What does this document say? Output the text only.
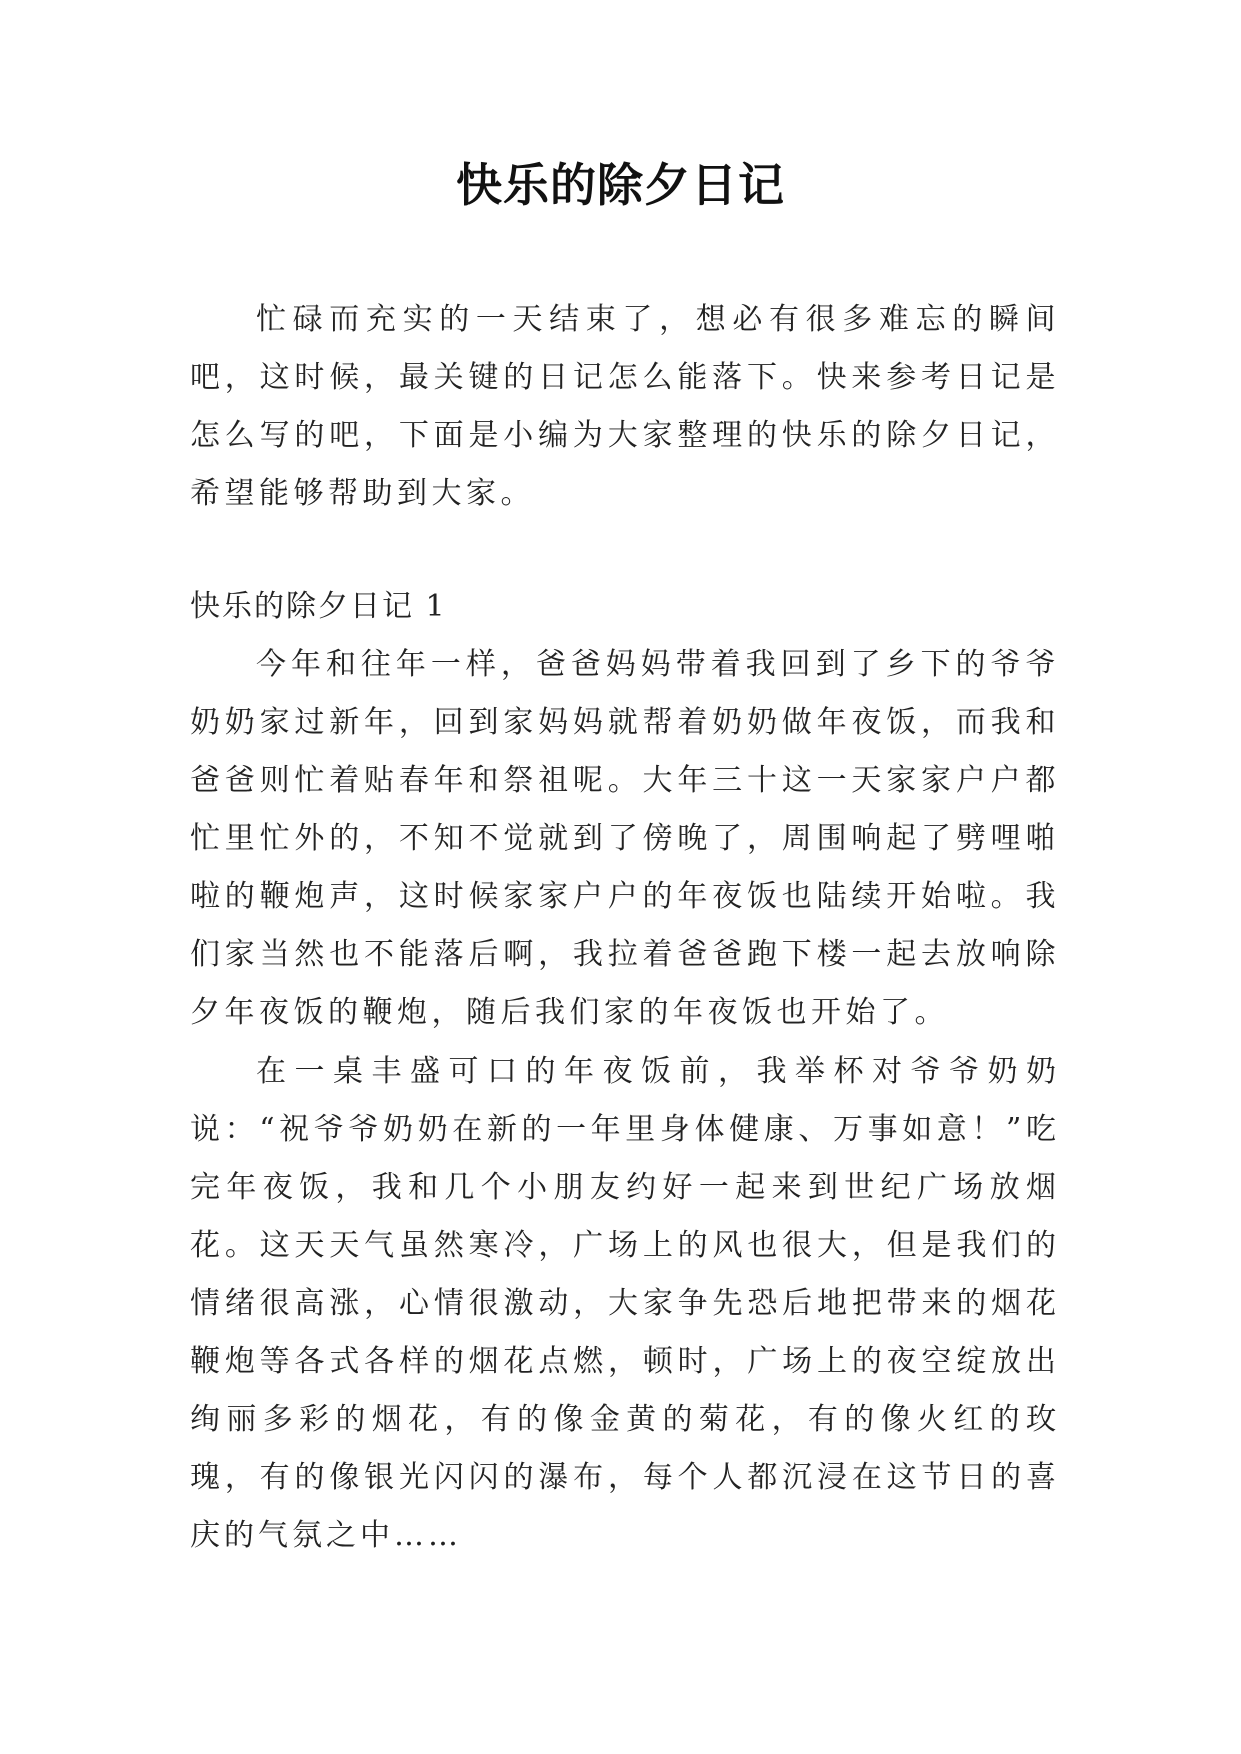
快乐的除夕日记

忙碌而充实的一天结束了，想必有很多难忘的瞬间吧，这时候，最关键的日记怎么能落下。快来参考日记是怎么写的吧，下面是小编为大家整理的快乐的除夕日记，希望能够帮助到大家。

快乐的除夕日记 1

今年和往年一样，爸爸妈妈带着我回到了乡下的爷爷奶奶家过新年，回到家妈妈就帮着奶奶做年夜饭，而我和爸爸则忙着贴春年和祭祖呢。大年三十这一天家家户户都忙里忙外的，不知不觉就到了傍晚了，周围响起了劈哩啪啦的鞭炮声，这时候家家户户的年夜饭也陆续开始啦。我们家当然也不能落后啊，我拉着爸爸跑下楼一起去放响除夕年夜饭的鞭炮，随后我们家的年夜饭也开始了。

在一桌丰盛可口的年夜饭前，我举杯对爷爷奶奶说：“祝爷爷奶奶在新的一年里身体健康、万事如意！”吃完年夜饭，我和几个小朋友约好一起来到世纪广场放烟花。这天天气虽然寒冷，广场上的风也很大，但是我们的情绪很高涨，心情很激动，大家争先恐后地把带来的烟花鞭炮等各式各样的烟花点燃，顿时，广场上的夜空绽放出绚丽多彩的烟花，有的像金黄的菊花，有的像火红的玫瑰，有的像银光闪闪的瀑布，每个人都沉浸在这节日的喜庆的气氛之中……
